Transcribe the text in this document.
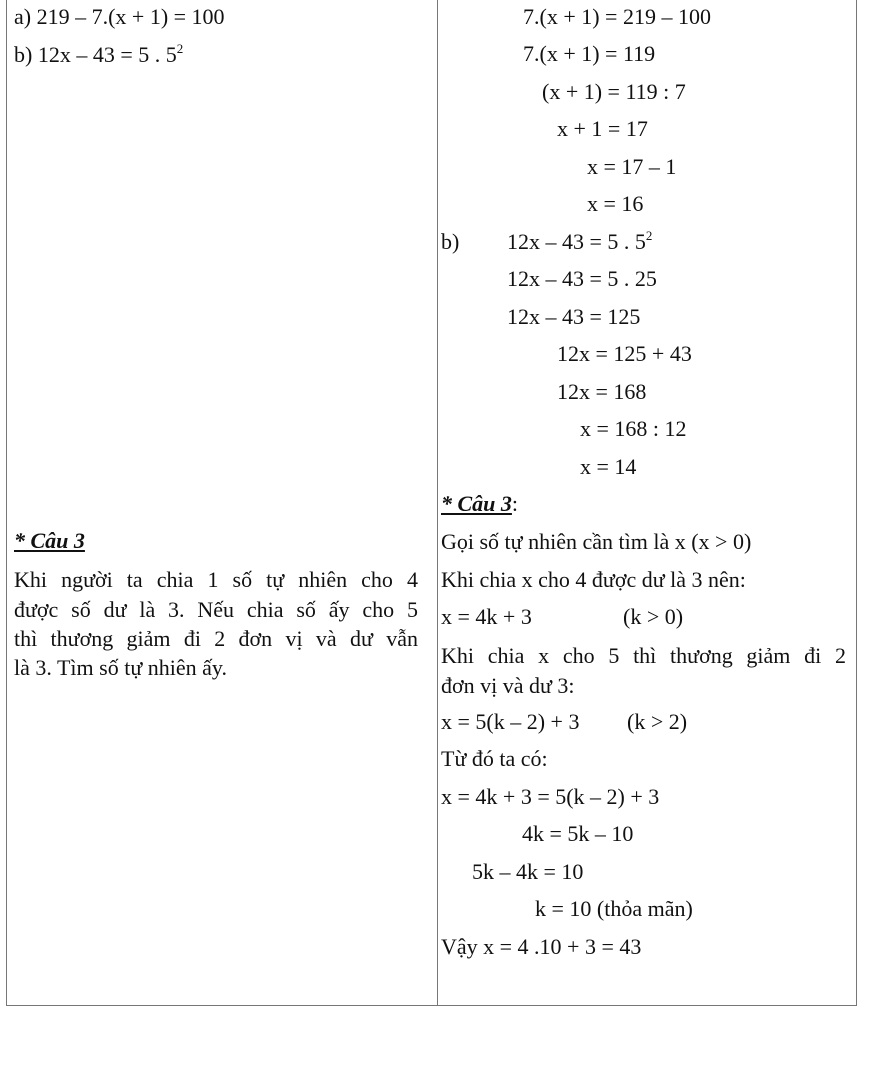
a) 219 – 7.(x + 1) = 100
b) 12x – 43 = 5 . $5^2$
* Câu 3
Khi người ta chia 1 số tự nhiên cho 4
được số dư là 3. Nếu chia số ấy cho 5
thì thương giảm đi 2 đơn vị và dư vẫn
là 3. Tìm số tự nhiên ấy.
7.(x + 1) = 219 – 100
7.(x + 1) = 119
(x + 1) = 119 : 7
x + 1 = 17
x = 17 – 1
x = 16
b) 12x – 43 = 5 . $5^2$
12x – 43 = 5 . 25
12x – 43 = 125
12x = 125 + 43
12x = 168
x = 168 : 12
x = 14
* Câu 3:
Gọi số tự nhiên cần tìm là x (x > 0)
Khi chia x cho 4 được dư là 3 nên:
x = 4k + 3	(k > 0)
Khi chia x cho 5 thì thương giảm đi 2
đơn vị và dư 3:
x = 5(k – 2) + 3 (k > 2)
Từ đó ta có:
x = 4k + 3 = 5(k – 2) + 3
4k = 5k – 10
5k – 4k = 10
k = 10 (thỏa mãn)
Vậy x = 4 .10 + 3 = 43
